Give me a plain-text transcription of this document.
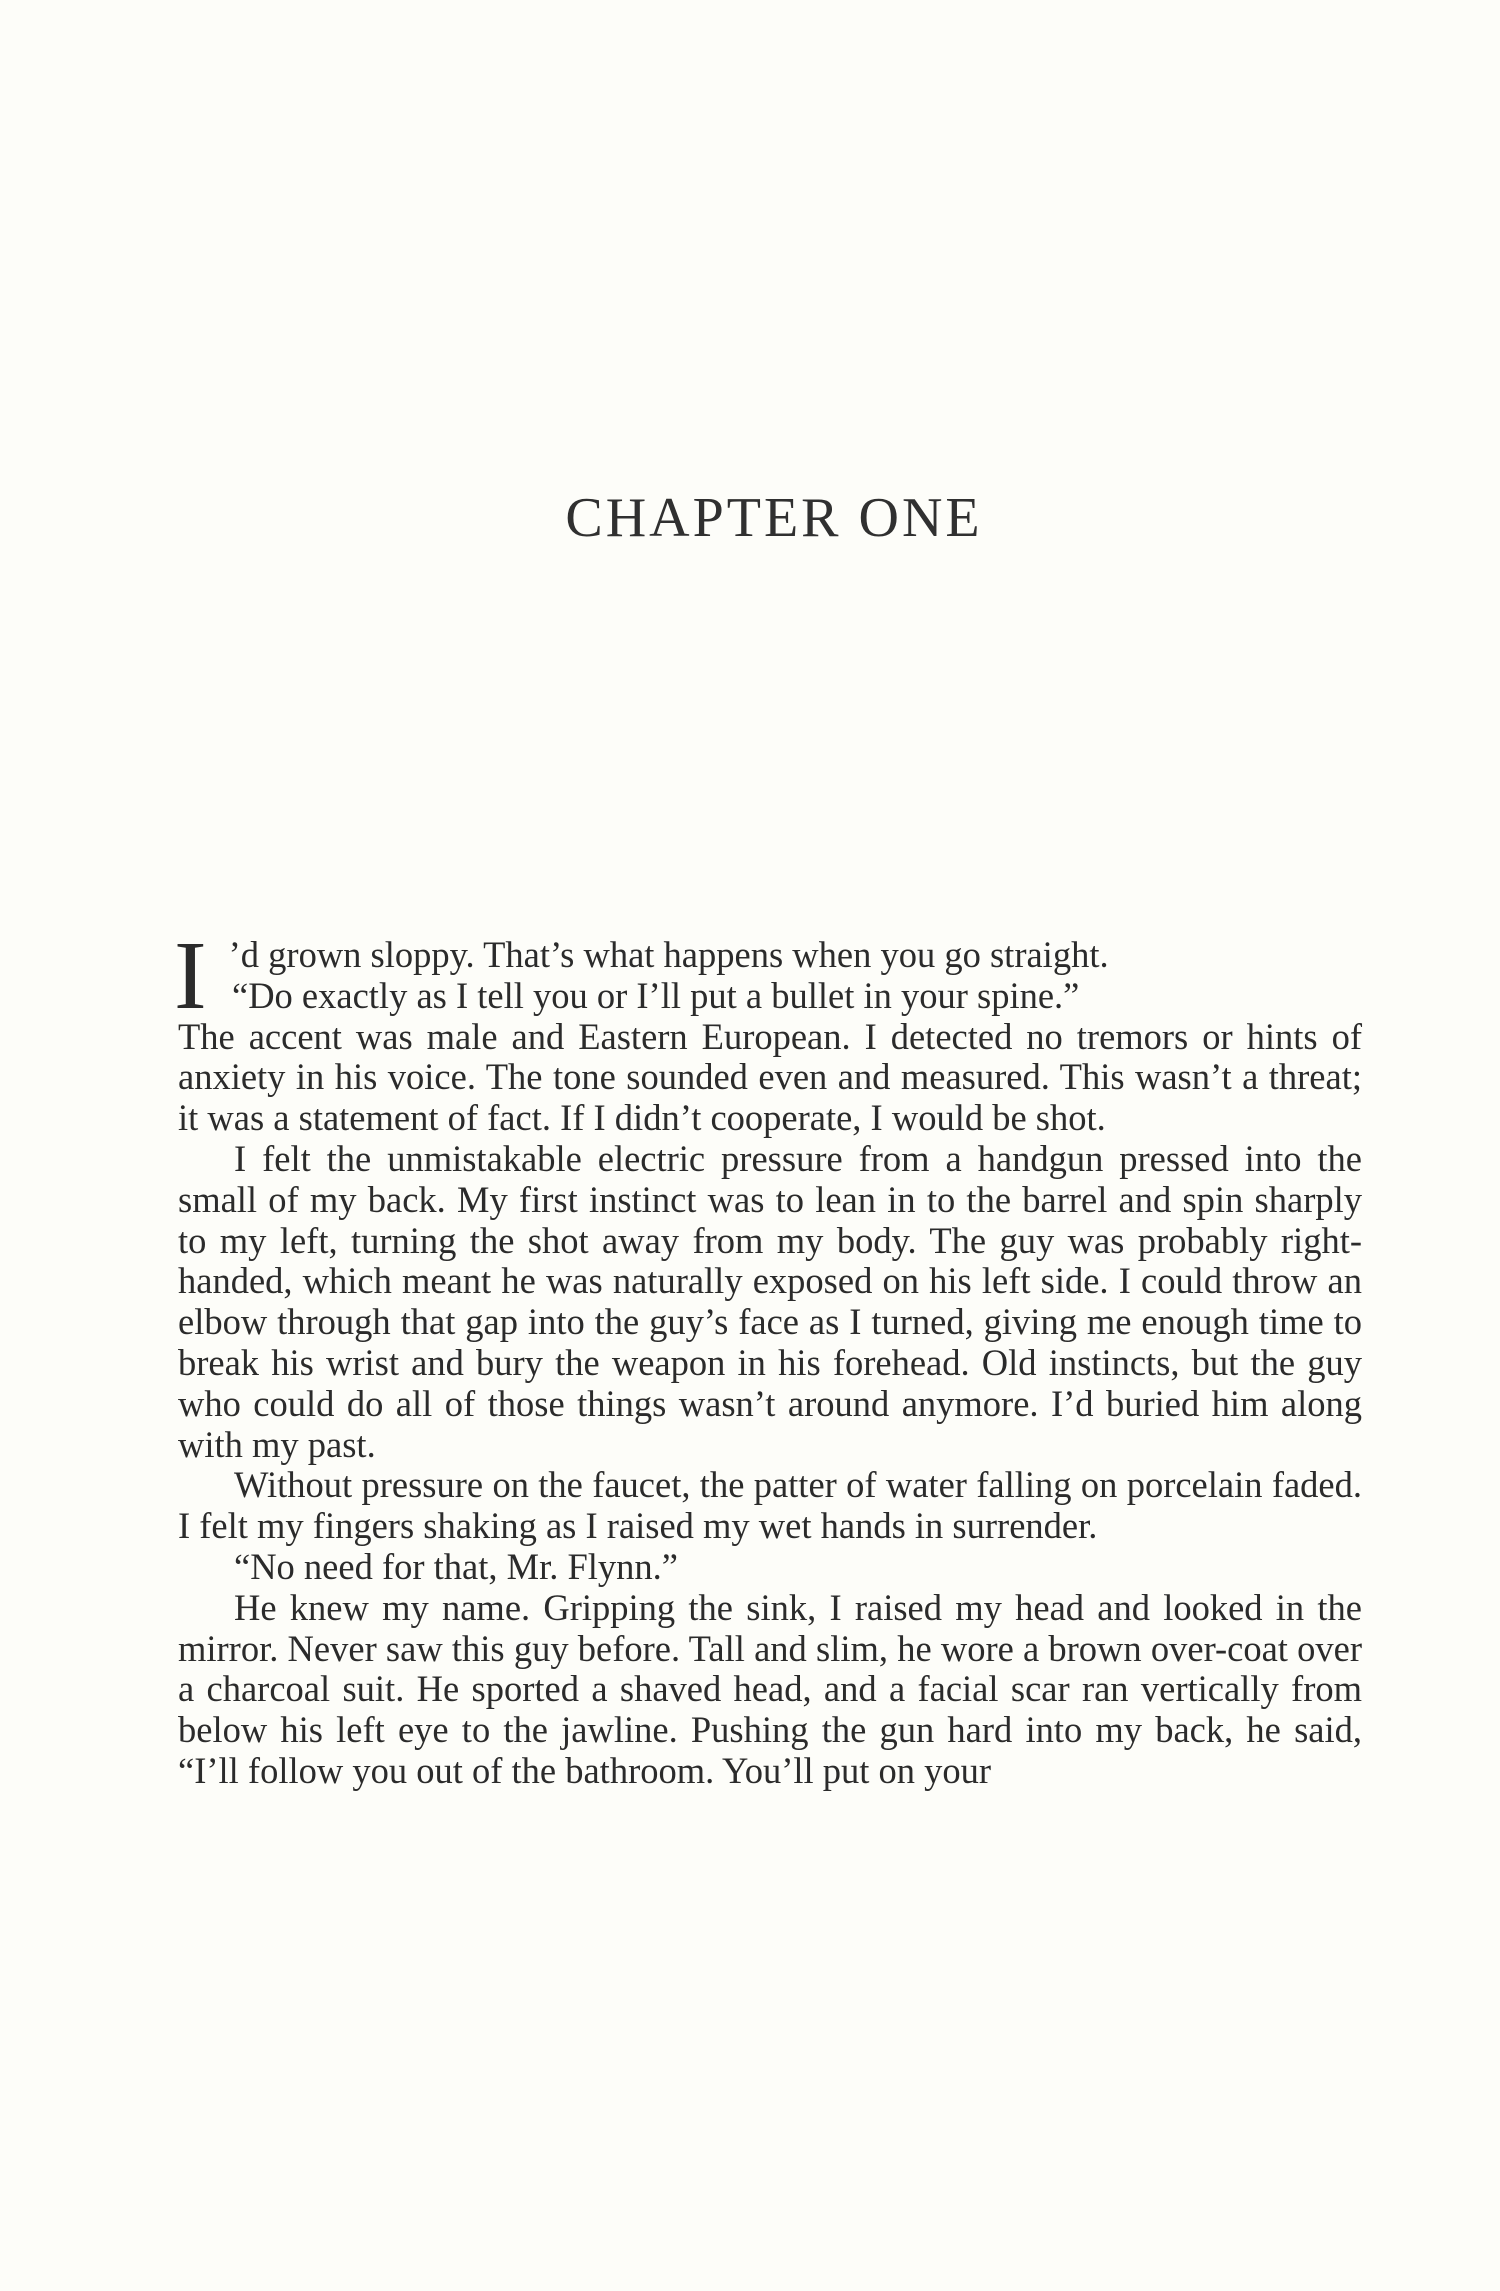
CHAPTER ONE

I ’d grown sloppy. That’s what happens when you go straight.

“Do exactly as I tell you or I’ll put a bullet in your spine.”

The accent was male and Eastern European. I detected no tremors or hints of anxiety in his voice. The tone sounded even and measured. This wasn’t a threat; it was a statement of fact. If I didn’t cooperate, I would be shot.

I felt the unmistakable electric pressure from a handgun pressed into the small of my back. My first instinct was to lean in to the barrel and spin sharply to my left, turning the shot away from my body. The guy was probably right-handed, which meant he was naturally exposed on his left side. I could throw an elbow through that gap into the guy’s face as I turned, giving me enough time to break his wrist and bury the weapon in his forehead. Old instincts, but the guy who could do all of those things wasn’t around anymore. I’d buried him along with my past.

Without pressure on the faucet, the patter of water falling on porcelain faded. I felt my fingers shaking as I raised my wet hands in surrender.

“No need for that, Mr. Flynn.”

He knew my name. Gripping the sink, I raised my head and looked in the mirror. Never saw this guy before. Tall and slim, he wore a brown over-coat over a charcoal suit. He sported a shaved head, and a facial scar ran vertically from below his left eye to the jawline. Pushing the gun hard into my back, he said, “I’ll follow you out of the bathroom. You’ll put on your
